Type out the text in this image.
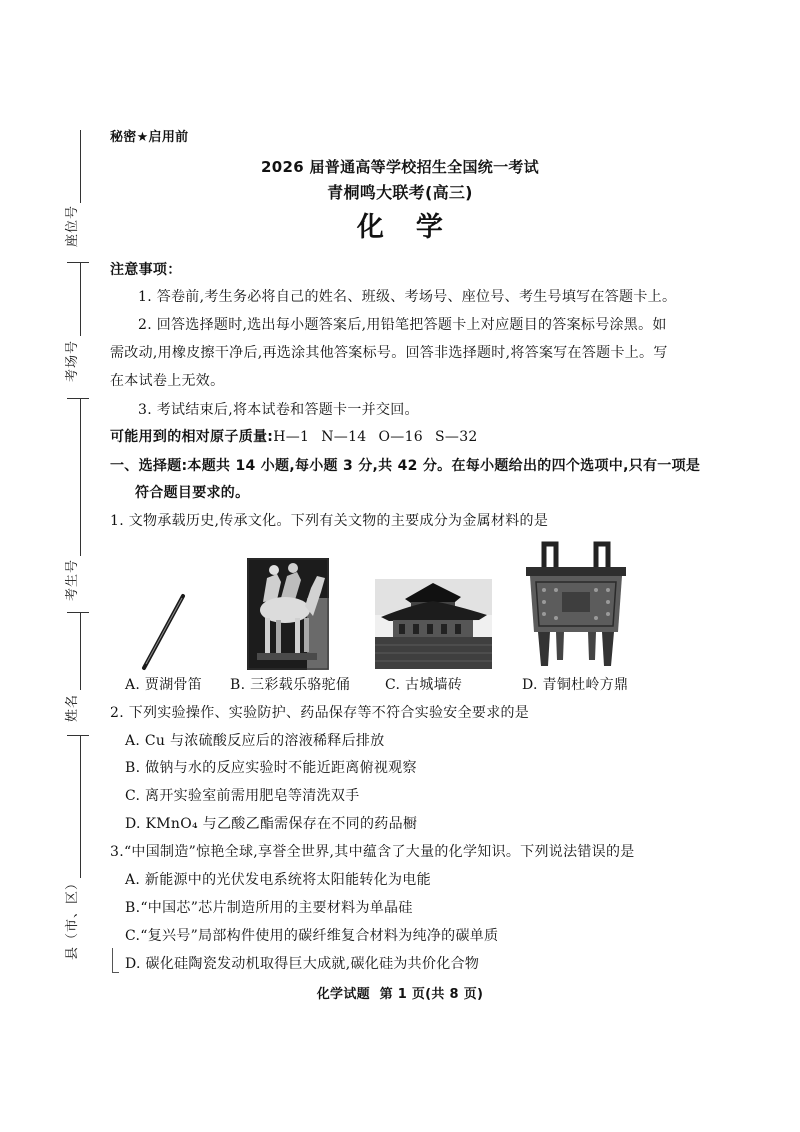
座位号
考场号
考生号
姓名
县（市、区）
秘密★启用前
2026 届普通高等学校招生全国统一考试
青桐鸣大联考(高三)
化 学
注意事项：
1. 答卷前,考生务必将自己的姓名、班级、考场号、座位号、考生号填写在答题卡上。
2. 回答选择题时,选出每小题答案后,用铅笔把答题卡上对应题目的答案标号涂黑。如
需改动,用橡皮擦干净后,再选涂其他答案标号。回答非选择题时,将答案写在答题卡上。写
在本试卷上无效。
3. 考试结束后,将本试卷和答题卡一并交回。
可能用到的相对原子质量:H—1 N—14 O—16 S—32
一、选择题:本题共 14 小题,每小题 3 分,共 42 分。在每小题给出的四个选项中,只有一项是
符合题目要求的。
1. 文物承载历史,传承文化。下列有关文物的主要成分为金属材料的是
A. 贾湖骨笛 B. 三彩载乐骆驼俑 C. 古城墙砖	D. 青铜杜岭方鼎
2. 下列实验操作、实验防护、药品保存等不符合实验安全要求的是
A. Cu 与浓硫酸反应后的溶液稀释后排放
B. 做钠与水的反应实验时不能近距离俯视观察
C. 离开实验室前需用肥皂等清洗双手
D. KMnO₄ 与乙酸乙酯需保存在不同的药品橱
3.“中国制造”惊艳全球,享誉全世界,其中蕴含了大量的化学知识。下列说法错误的是
A. 新能源中的光伏发电系统将太阳能转化为电能
B.“中国芯”芯片制造所用的主要材料为单晶硅
C.“复兴号”局部构件使用的碳纤维复合材料为纯净的碳单质
D. 碳化硅陶瓷发动机取得巨大成就,碳化硅为共价化合物
化学试题  第 1 页(共 8 页)
